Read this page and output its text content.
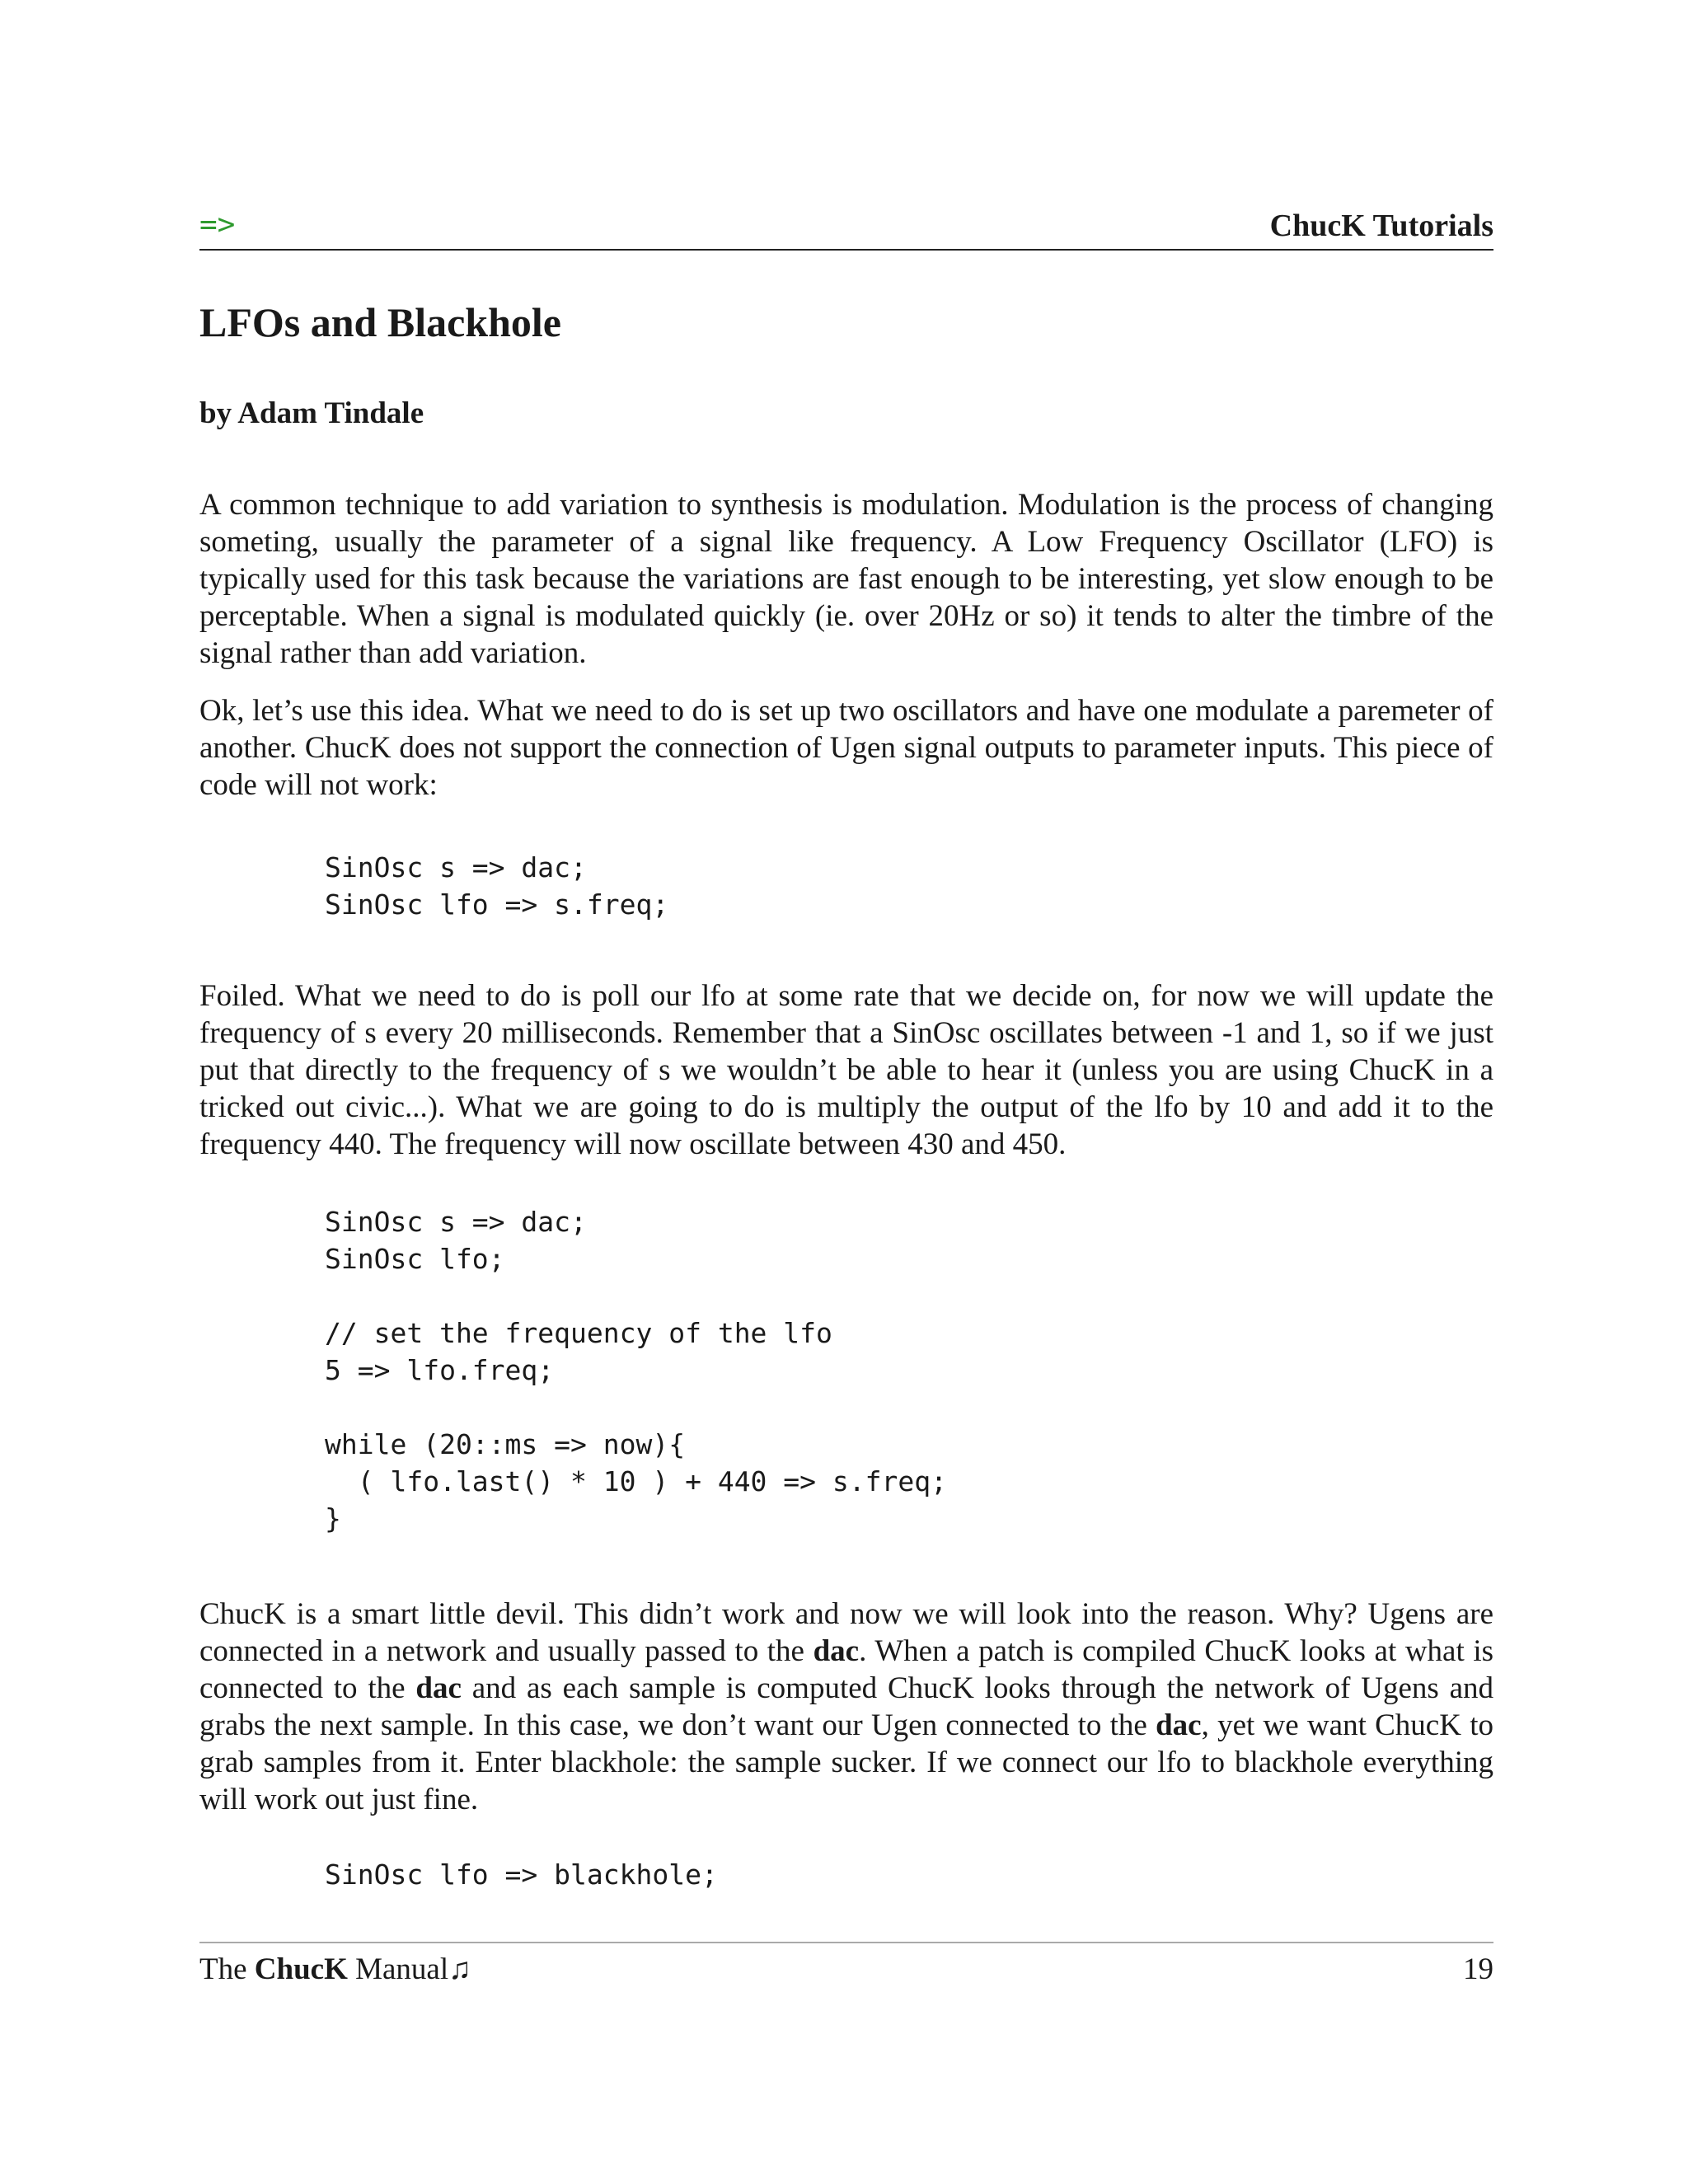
=>	ChucK Tutorials
LFOs and Blackhole

by Adam Tindale

A common technique to add variation to synthesis is modulation. Modulation is the process of changing someting, usually the parameter of a signal like frequency. A Low Frequency Oscillator (LFO) is typically used for this task because the variations are fast enough to be interesting, yet slow enough to be perceptable. When a signal is modulated quickly (ie. over 20Hz or so) it tends to alter the timbre of the signal rather than add variation.

Ok, let’s use this idea. What we need to do is set up two oscillators and have one modulate a paremeter of another. ChucK does not support the connection of Ugen signal outputs to parameter inputs. This piece of code will not work:

SinOsc s => dac;
SinOsc lfo => s.freq;

Foiled. What we need to do is poll our lfo at some rate that we decide on, for now we will update the frequency of s every 20 milliseconds. Remember that a SinOsc oscillates between -1 and 1, so if we just put that directly to the frequency of s we wouldn’t be able to hear it (unless you are using ChucK in a tricked out civic...). What we are going to do is multiply the output of the lfo by 10 and add it to the frequency 440. The frequency will now oscillate between 430 and 450.

SinOsc s => dac;
SinOsc lfo;

// set the frequency of the lfo
5 => lfo.freq;

while (20::ms => now){
( lfo.last() * 10 ) + 440 => s.freq;
}

ChucK is a smart little devil. This didn’t work and now we will look into the reason. Why? Ugens are connected in a network and usually passed to the dac. When a patch is compiled ChucK looks at what is connected to the dac and as each sample is computed ChucK looks through the network of Ugens and grabs the next sample. In this case, we don’t want our Ugen connected to the dac, yet we want ChucK to grab samples from it. Enter blackhole: the sample sucker. If we connect our lfo to blackhole everything will work out just fine.

SinOsc lfo => blackhole;
The ChucK Manual♫	19
